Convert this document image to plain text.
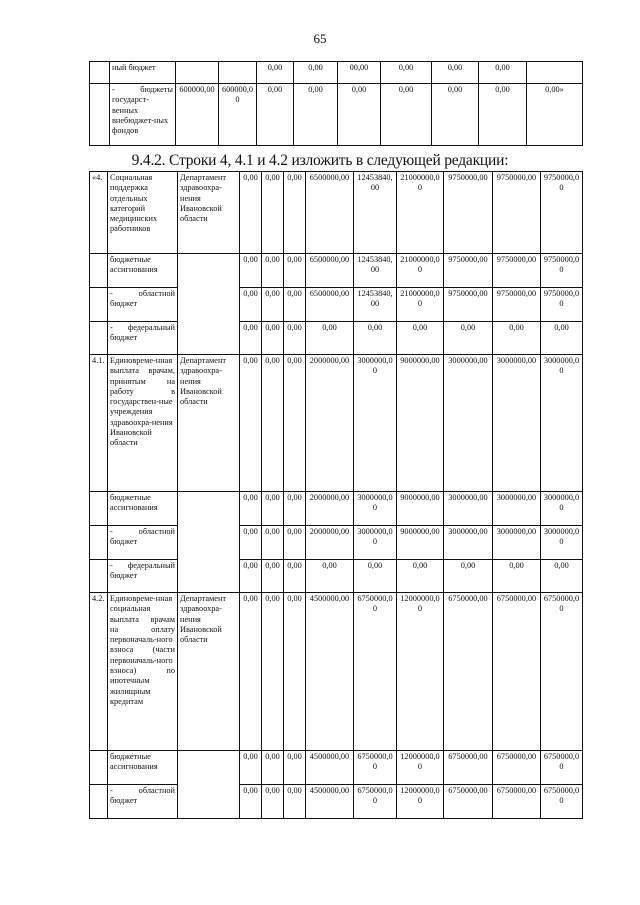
65
	ный бюджет			0,00	0,00	00,00	0,00	0,00	0,00	
	- бюджеты государст-венных внебюджет-ных фондов	600000,00	600000,00	0,00	0,00	0,00	0,00	0,00	0,00	0,00»
9.4.2. Строки 4, 4.1 и 4.2 изложить в следующей редакции:
«4.	Социальная поддержка отдельных категорий медицинских работников	Департамент здравоохра-нения Ивановской области	0,00	0,00	0,00	6500000,00	12453840,00	21000000,00	9750000,00	9750000,00	9750000,00
	бюджетные ассигнования		0,00	0,00	0,00	6500000,00	12453840,00	21000000,00	9750000,00	9750000,00	9750000,00
	- областной бюджет		0,00	0,00	0,00	6500000,00	12453840,00	21000000,00	9750000,00	9750000,00	9750000,00
	- федеральный бюджет		0,00	0,00	0,00	0,00	0,00	0,00	0,00	0,00	0,00
4.1.	Единовреме-нная выплата врачам, принятым на работу в государствен-ные учреждения здравоохра-нения Ивановской области	Департамент здравоохра-нения Ивановской области	0,00	0,00	0,00	2000000,00	3000000,00	9000000,00	3000000,00	3000000,00	3000000,00
	бюджетные ассигнования		0,00	0,00	0,00	2000000,00	3000000,00	9000000,00	3000000,00	3000000,00	3000000,00
	- областной бюджет		0,00	0,00	0,00	2000000,00	3000000,00	9000000,00	3000000,00	3000000,00	3000000,00
	- федеральный бюджет		0,00	0,00	0,00	0,00	0,00	0,00	0,00	0,00	0,00
4.2.	Единовреме-нная социальная выплата врачам на оплату первоначаль-ного взноса (части первоначаль-ного взноса) по ипотечным жилищным кредитам	Департамент здравоохра-нения Ивановской области	0,00	0,00	0,00	4500000,00	6750000,00	12000000,00	6750000,00	6750000,00	6750000,00
	бюджетные ассигнования		0,00	0,00	0,00	4500000,00	6750000,00	12000000,00	6750000,00	6750000,00	6750000,00
	- областной бюджет		0,00	0,00	0,00	4500000,00	6750000,00	12000000,00	6750000,00	6750000,00	6750000,00
